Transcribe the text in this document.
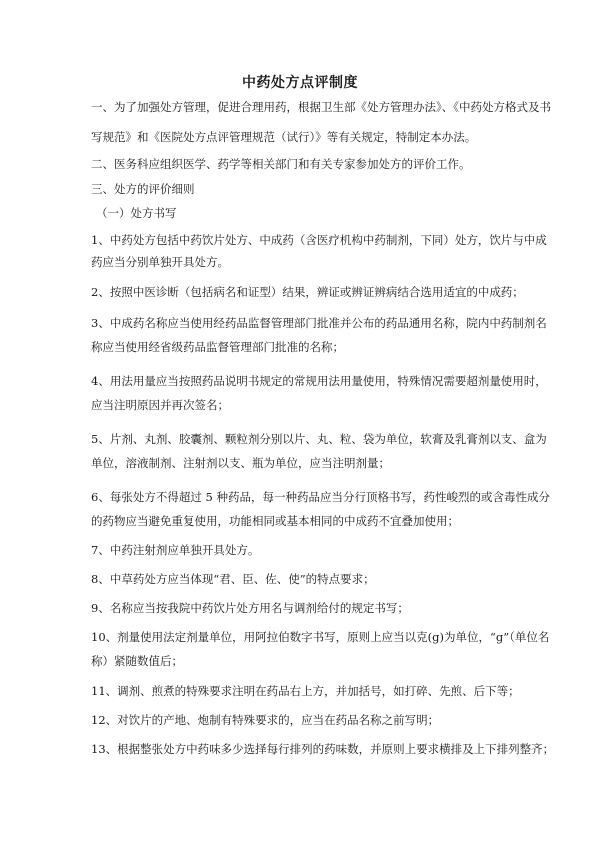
中药处方点评制度
一、为了加强处方管理，促进合理用药，根据卫生部《处方管理办法》、《中药处方格式及书
写规范》和《医院处方点评管理规范（试行）》等有关规定，特制定本办法。
二、医务科应组织医学、药学等相关部门和有关专家参加处方的评价工作。
三、处方的评价细则
（一）处方书写
1、中药处方包括中药饮片处方、中成药（含医疗机构中药制剂，下同）处方，饮片与中成
药应当分别单独开具处方。
2、按照中医诊断（包括病名和证型）结果，辨证或辨证辨病结合选用适宜的中成药；
3、中成药名称应当使用经药品监督管理部门批准并公布的药品通用名称，院内中药制剂名
称应当使用经省级药品监督管理部门批准的名称；
4、用法用量应当按照药品说明书规定的常规用法用量使用，特殊情况需要超剂量使用时，
应当注明原因并再次签名；
5、片剂、丸剂、胶囊剂、颗粒剂分别以片、丸、粒、袋为单位，软膏及乳膏剂以支、盒为
单位，溶液制剂、注射剂以支、瓶为单位，应当注明剂量；
6、每张处方不得超过 5 种药品，每一种药品应当分行顶格书写，药性峻烈的或含毒性成分
的药物应当避免重复使用，功能相同或基本相同的中成药不宜叠加使用；
7、中药注射剂应单独开具处方。
8、中草药处方应当体现“君、臣、佐、使”的特点要求；
9、名称应当按我院中药饮片处方用名与调剂给付的规定书写；
10、剂量使用法定剂量单位，用阿拉伯数字书写，原则上应当以克(g)为单位，“g”（单位名
称）紧随数值后；
11、调剂、煎煮的特殊要求注明在药品右上方，并加括号，如打碎、先煎、后下等；
12、对饮片的产地、炮制有特殊要求的，应当在药品名称之前写明；
13、根据整张处方中药味多少选择每行排列的药味数，并原则上要求横排及上下排列整齐；
